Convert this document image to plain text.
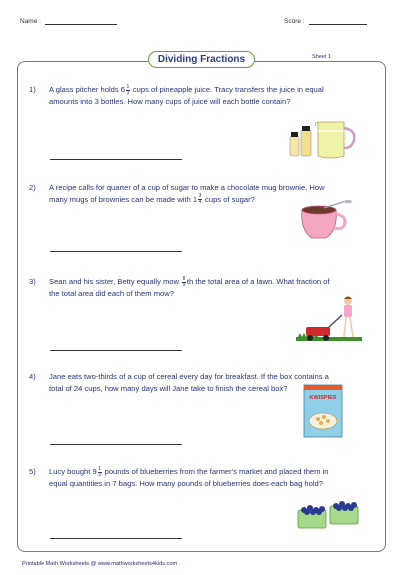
Name :	Score :
Dividing Fractions	Sheet 1
1) A glass pitcher holds $6 \frac{1}{3}$ cups of pineapple juice. Tracy transfers the juice in equal amounts into 3 bottles. How many cups of juice will each bottle contain?
2) A recipe calls for quarter of a cup of sugar to make a chocolate mug brownie. How many mugs of brownies can be made with $1 \frac{3}{4}$ cups of sugar?
3) Sean and his sister, Betty equally mow $\frac{8}{9}$ th the total area of a lawn. What fraction of the total area did each of them mow?
4) Jane eats two-thirds of a cup of cereal every day for breakfast. If the box contains a total of 24 cups, how many days will Jane take to finish the cereal box?
5) Lucy bought $9 \frac{1}{3}$ pounds of blueberries from the farmer's market and placed them in equal quantities in 7 bags. How many pounds of blueberries does each bag hold?
KWISPIES
Printable Math Worksheets @ www.mathworksheets4kids.com
